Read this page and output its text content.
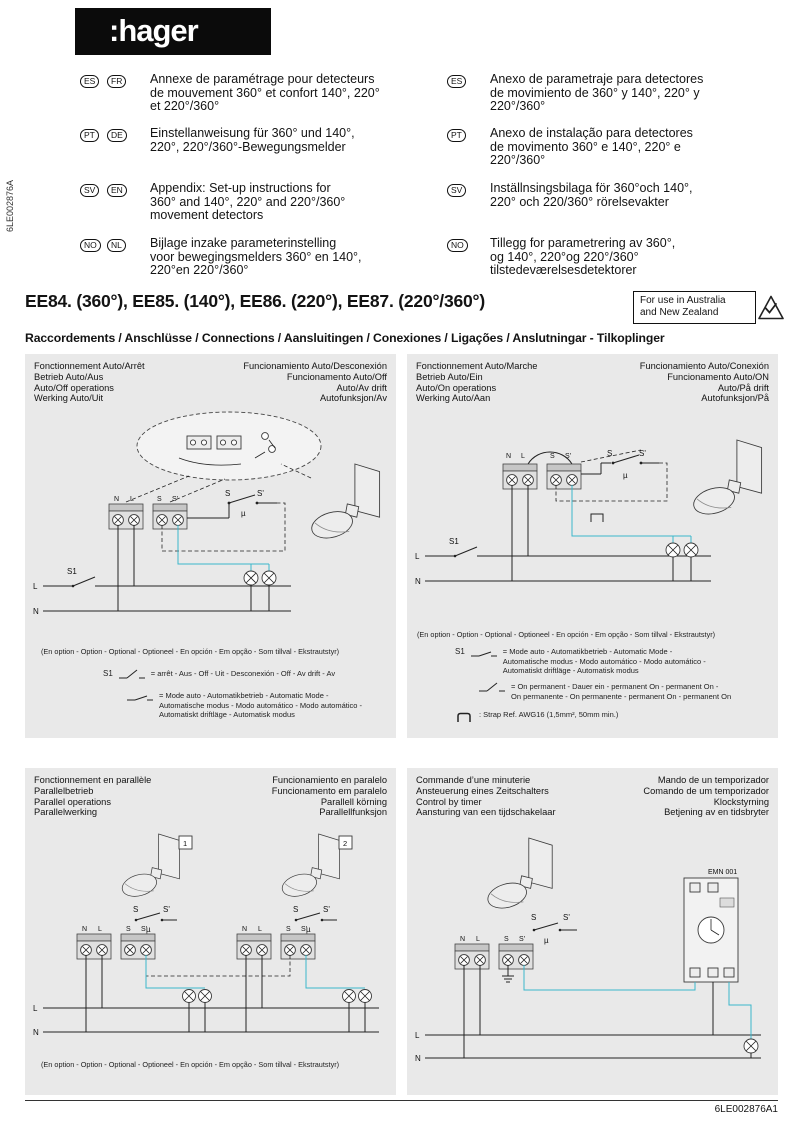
:hager
6LE002876A
ES	FR	Annexe de paramétrage pour detecteurs
de mouvement 360° et confort 140°, 220°
et 220°/360°
PT	DE	Einstellanweisung für 360° und 140°,
220°, 220°/360°-Bewegungsmelder
SV	EN	Appendix: Set-up instructions for
360° and 140°, 220° and 220°/360°
movement detectors
NO	NL	Bijlage inzake parameterinstelling
voor bewegingsmelders 360° en 140°,
220°en 220°/360°
ES	Anexo de parametraje para detectores
de movimiento de 360° y 140°, 220° y
220°/360°
PT	Anexo de instalação para detectores
de movimento 360° e 140°, 220° e
220°/360°
SV	Inställnsingsbilaga för 360°och 140°,
220° och 220/360° rörelsevakter
NO	Tillegg for parametrering av 360°,
og 140°, 220°og 220°/360°
tilstedeværelsesdetektorer
EE84. (360°), EE85. (140°), EE86. (220°), EE87. (220°/360°)	For use in Australia
and New Zealand
Raccordements / Anschlüsse / Connections / Aansluitingen / Conexiones / Ligações / Anslutningar - Tilkoplinger
Fonctionnement Auto/Arrêt
Betrieb Auto/Aus
Auto/Off operations
Werking Auto/Uit
Funcionamiento Auto/Desconexión
Funcionamento Auto/Off
Auto/Av drift
Autofunksjon/Av
N L	S S'
S	S'
µ
L
S1
N
(En option - Option - Optional - Optioneel - En opción - Em opção - Som tillval - Ekstrautstyr)
S1	= arrêt - Aus - Off - Uit - Desconexión - Off - Av drift - Av
= Mode auto - Automatikbetrieb - Automatic Mode -
Automatische modus - Modo automático - Modo automático -
Automatiskt driftläge - Automatisk modus
Fonctionnement Auto/Marche
Betrieb Auto/Ein
Auto/On operations
Werking Auto/Aan
Funcionamiento Auto/Conexión
Funcionamento Auto/ON
Auto/På drift
Autofunksjon/På
N L	S S'	S	S'
µ
L
S1
N
(En option - Option - Optional - Optioneel - En opción - Em opção - Som tillval - Ekstrautstyr)
S1	= Mode auto - Automatikbetrieb - Automatic Mode -
Automatische modus - Modo automático - Modo automático -
Automatiskt driftläge - Automatisk modus
= On permanent - Dauer ein - permanent On - permanent On -
On permanente - On permanente - permanent On - permanent On
: Strap Ref. AWG16 (1,5mm², 50mm min.)
Fonctionnement en parallèle
Parallelbetrieb
Parallel operations
Parallelwerking
Funcionamiento en paralelo
Funcionamento em paralelo
Parallell körning
Parallellfunksjon
1	2
S	S'
µ
S	S'
µ
N L	S S'	N L	S S'
L
N
(En option - Option - Optional - Optioneel - En opción - Em opção - Som tillval - Ekstrautstyr)
Commande d’une minuterie
Ansteuerung eines Zeitschalters
Control by timer
Aansturing van een tijdschakelaar
Mando de un temporizador
Comando de um temporizador
Klockstyrning
Betjening av en tidsbryter
S	S'
µ
N L	S S'
EMN 001
L
N
6LE002876A1
